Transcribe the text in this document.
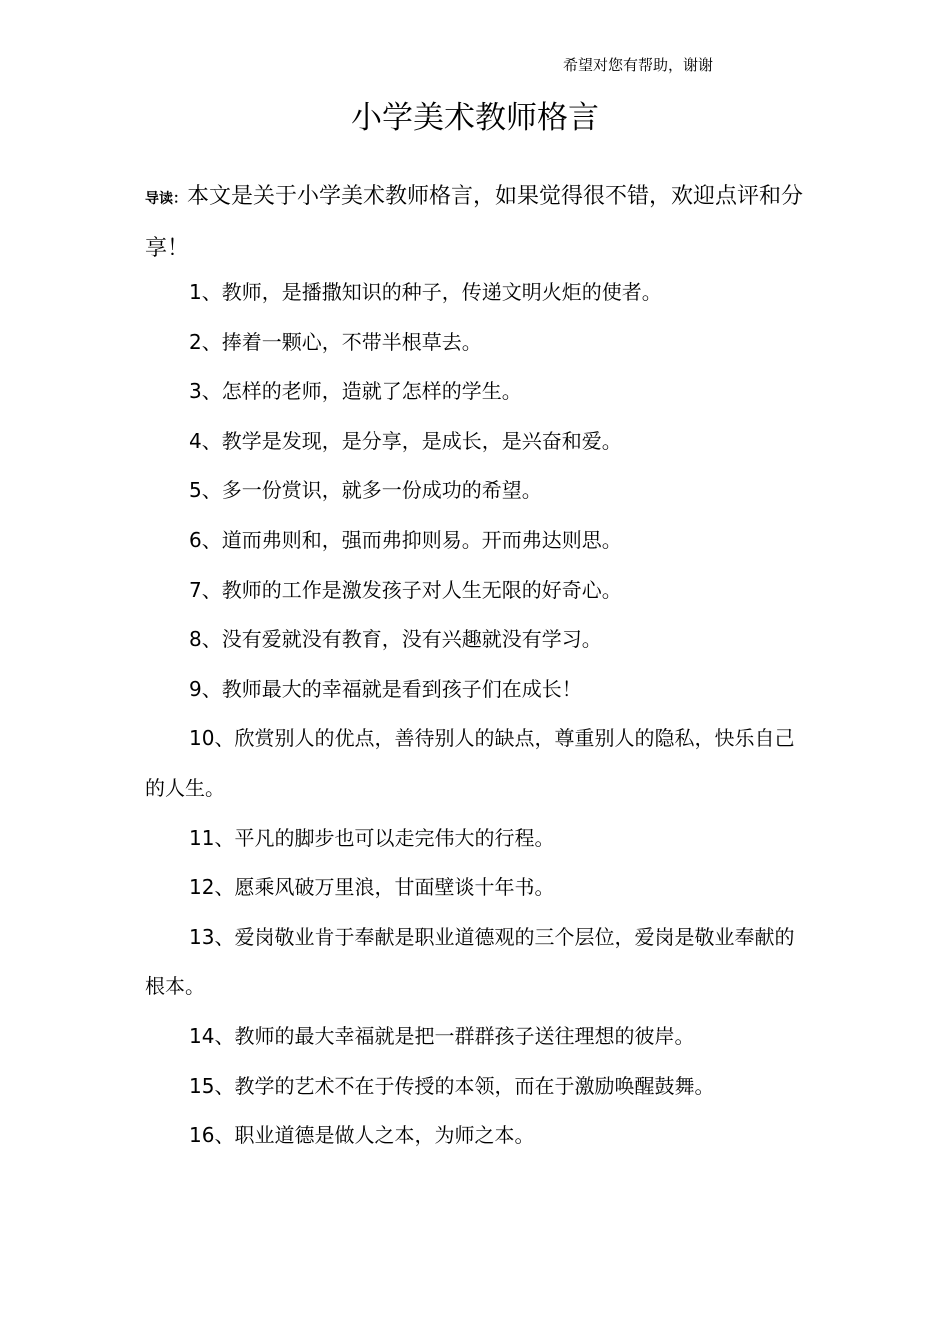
希望对您有帮助，谢谢
小学美术教师格言
导读：本文是关于小学美术教师格言，如果觉得很不错，欢迎点评和分享！
1、教师，是播撒知识的种子，传递文明火炬的使者。
2、捧着一颗心，不带半根草去。
3、怎样的老师，造就了怎样的学生。
4、教学是发现，是分享，是成长，是兴奋和爱。
5、多一份赏识，就多一份成功的希望。
6、道而弗则和，强而弗抑则易。开而弗达则思。
7、教师的工作是激发孩子对人生无限的好奇心。
8、没有爱就没有教育，没有兴趣就没有学习。
9、教师最大的幸福就是看到孩子们在成长！
10、欣赏别人的优点，善待别人的缺点，尊重别人的隐私，快乐自己的人生。
11、平凡的脚步也可以走完伟大的行程。
12、愿乘风破万里浪，甘面壁谈十年书。
13、爱岗敬业肯于奉献是职业道德观的三个层位，爱岗是敬业奉献的根本。
14、教师的最大幸福就是把一群群孩子送往理想的彼岸。
15、教学的艺术不在于传授的本领，而在于激励唤醒鼓舞。
16、职业道德是做人之本，为师之本。
